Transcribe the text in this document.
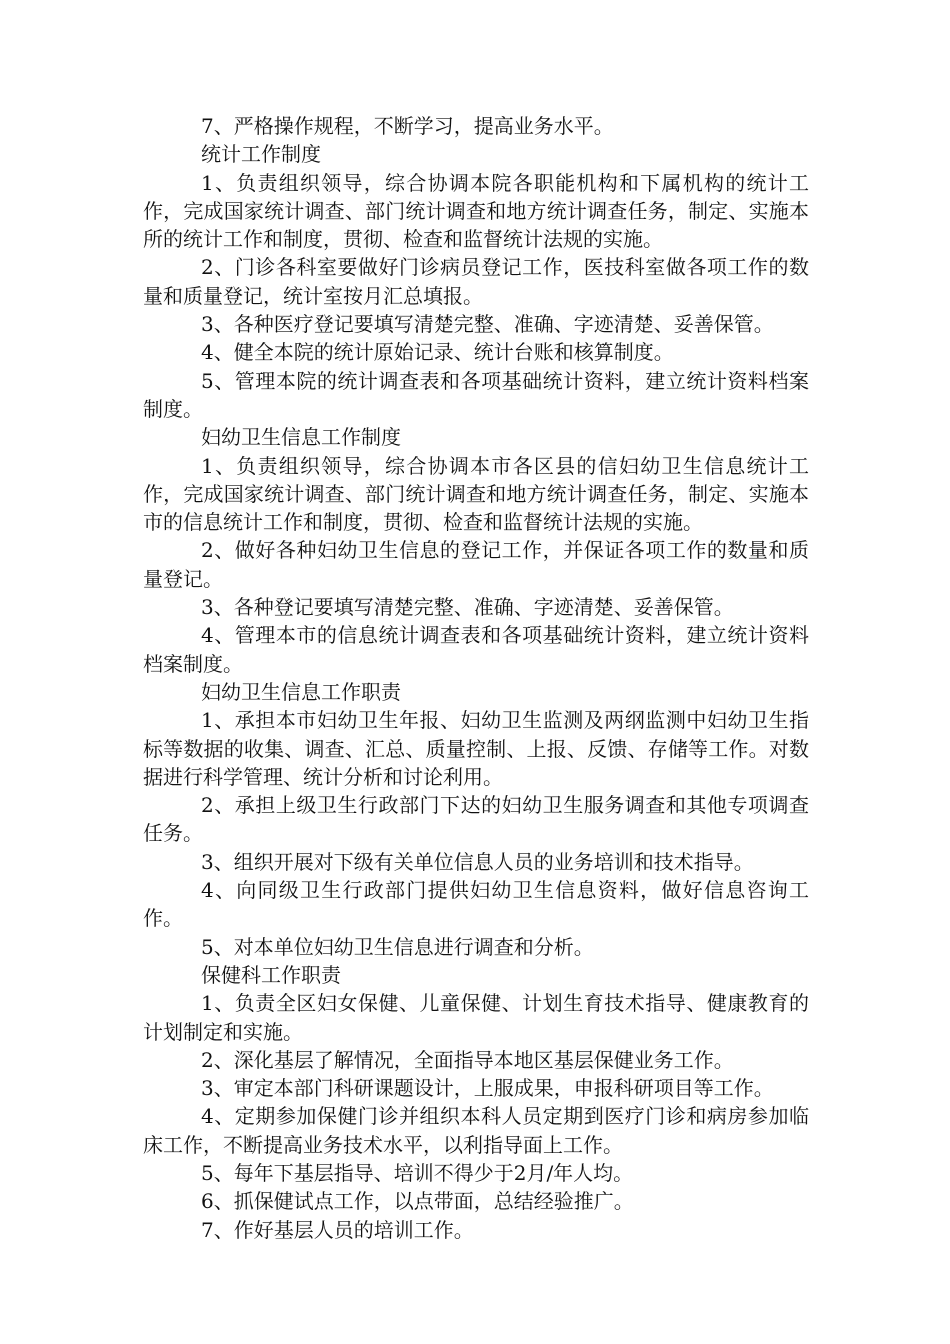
7、严格操作规程，不断学习，提高业务水平。

统计工作制度

1、负责组织领导，综合协调本院各职能机构和下属机构的统计工作，完成国家统计调查、部门统计调查和地方统计调查任务，制定、实施本所的统计工作和制度，贯彻、检查和监督统计法规的实施。

2、门诊各科室要做好门诊病员登记工作，医技科室做各项工作的数量和质量登记，统计室按月汇总填报。

3、各种医疗登记要填写清楚完整、准确、字迹清楚、妥善保管。

4、健全本院的统计原始记录、统计台账和核算制度。

5、管理本院的统计调查表和各项基础统计资料，建立统计资料档案制度。

妇幼卫生信息工作制度

1、负责组织领导，综合协调本市各区县的信妇幼卫生信息统计工作，完成国家统计调查、部门统计调查和地方统计调查任务，制定、实施本市的信息统计工作和制度，贯彻、检查和监督统计法规的实施。

2、做好各种妇幼卫生信息的登记工作，并保证各项工作的数量和质量登记。

3、各种登记要填写清楚完整、准确、字迹清楚、妥善保管。

4、管理本市的信息统计调查表和各项基础统计资料，建立统计资料档案制度。

妇幼卫生信息工作职责

1、承担本市妇幼卫生年报、妇幼卫生监测及两纲监测中妇幼卫生指标等数据的收集、调查、汇总、质量控制、上报、反馈、存储等工作。对数据进行科学管理、统计分析和讨论利用。

2、承担上级卫生行政部门下达的妇幼卫生服务调查和其他专项调查任务。

3、组织开展对下级有关单位信息人员的业务培训和技术指导。

4、向同级卫生行政部门提供妇幼卫生信息资料，做好信息咨询工作。

5、对本单位妇幼卫生信息进行调查和分析。

保健科工作职责

1、负责全区妇女保健、儿童保健、计划生育技术指导、健康教育的计划制定和实施。

2、深化基层了解情况，全面指导本地区基层保健业务工作。

3、审定本部门科研课题设计，上服成果，申报科研项目等工作。

4、定期参加保健门诊并组织本科人员定期到医疗门诊和病房参加临床工作，不断提高业务技术水平，以利指导面上工作。

5、每年下基层指导、培训不得少于2月/年人均。

6、抓保健试点工作，以点带面，总结经验推广。

7、作好基层人员的培训工作。
